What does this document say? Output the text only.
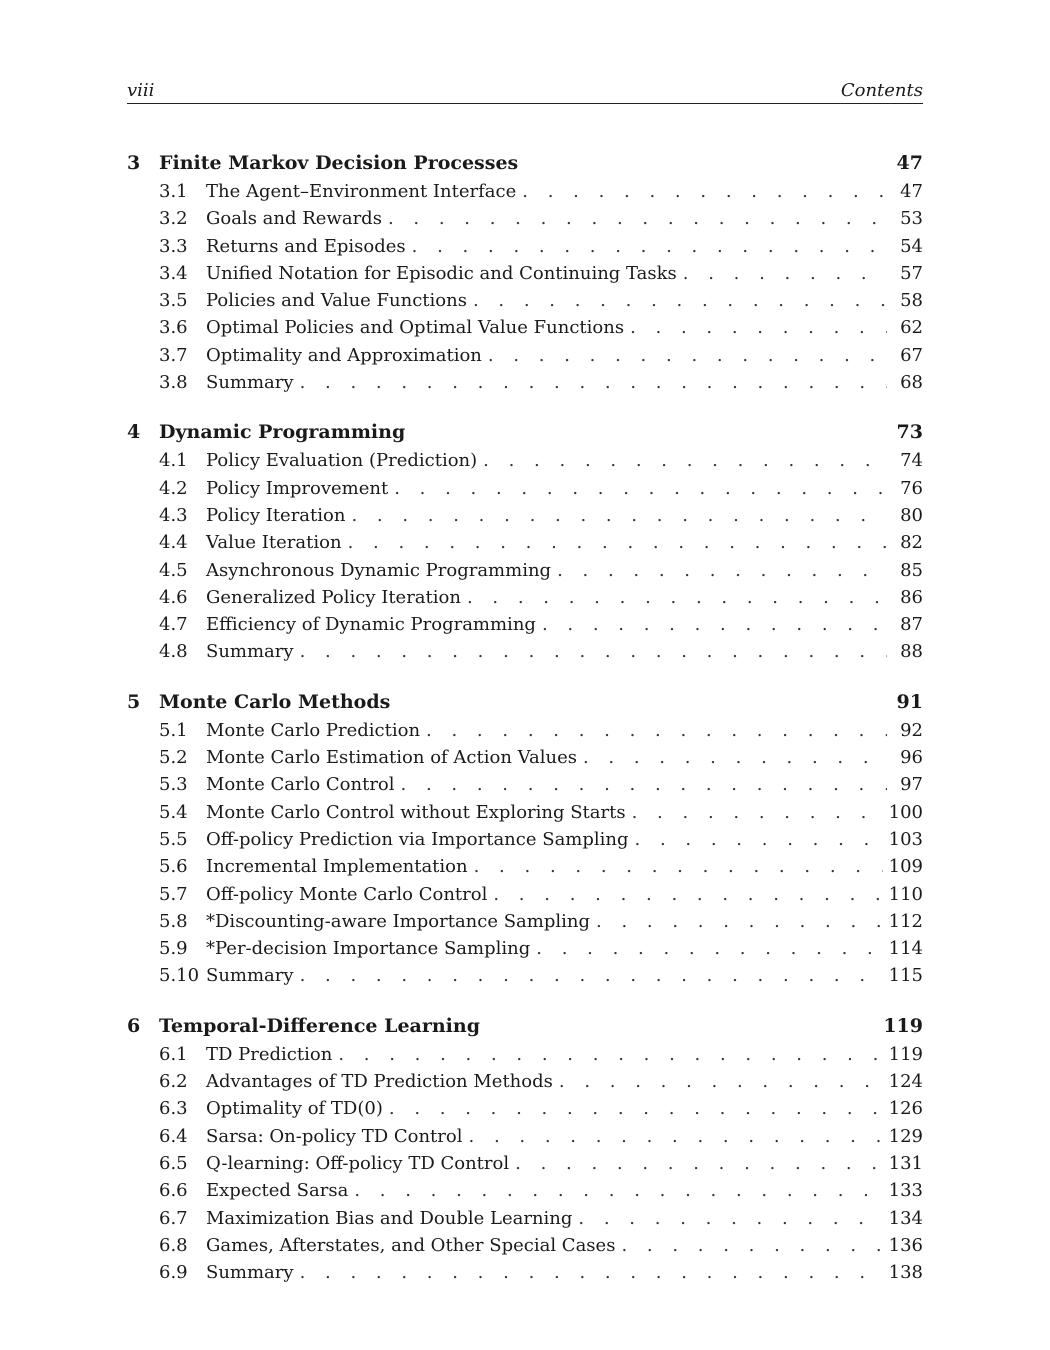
viii	Contents
3 Finite Markov Decision Processes	47
3.1	The Agent–Environment Interface . . .	47
3.2	Goals and Rewards . . .	53
3.3	Returns and Episodes . . .	54
3.4	Unified Notation for Episodic and Continuing Tasks . . .	57
3.5	Policies and Value Functions . . .	58
3.6	Optimal Policies and Optimal Value Functions . . .	62
3.7	Optimality and Approximation . . .	67
3.8	Summary . . .	68
4 Dynamic Programming	73
4.1	Policy Evaluation (Prediction) . . .	74
4.2	Policy Improvement . . .	76
4.3	Policy Iteration . . .	80
4.4	Value Iteration . . .	82
4.5	Asynchronous Dynamic Programming . . .	85
4.6	Generalized Policy Iteration . . .	86
4.7	Efficiency of Dynamic Programming . . .	87
4.8	Summary . . .	88
5 Monte Carlo Methods	91
5.1	Monte Carlo Prediction . . .	92
5.2	Monte Carlo Estimation of Action Values . . .	96
5.3	Monte Carlo Control . . .	97
5.4	Monte Carlo Control without Exploring Starts . . .	100
5.5	Off-policy Prediction via Importance Sampling . . .	103
5.6	Incremental Implementation . . .	109
5.7	Off-policy Monte Carlo Control . . .	110
5.8	*Discounting-aware Importance Sampling . . .	112
5.9	*Per-decision Importance Sampling . . .	114
5.10 Summary . . .	115
6 Temporal-Difference Learning	119
6.1	TD Prediction . . .	119
6.2	Advantages of TD Prediction Methods . . .	124
6.3	Optimality of TD(0) . . .	126
6.4	Sarsa: On-policy TD Control . . .	129
6.5	Q-learning: Off-policy TD Control . . .	131
6.6	Expected Sarsa . . .	133
6.7	Maximization Bias and Double Learning . . .	134
6.8	Games, Afterstates, and Other Special Cases . . .	136
6.9	Summary . . .	138
